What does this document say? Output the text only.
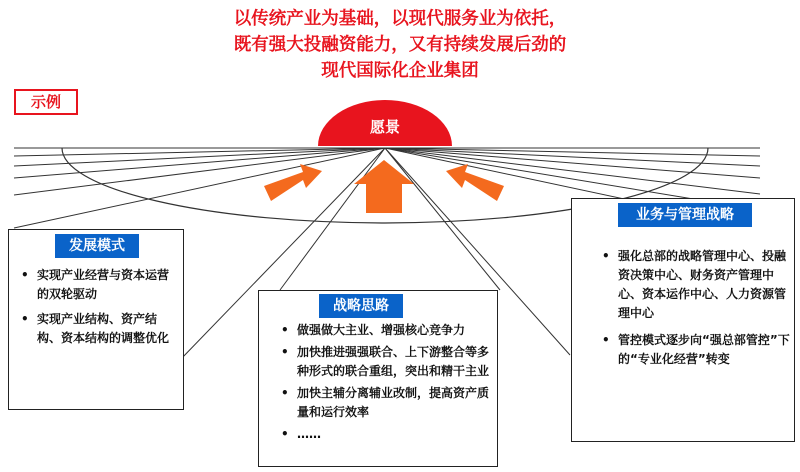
以传统产业为基础，以现代服务业为依托，
既有强大投融资能力，又有持续发展后劲的
现代国际化企业集团
示例
愿景
发展模式
• 实现产业经营与资本运营的双轮驱动
• 实现产业结构、资产结构、资本结构的调整优化
战略思路
• 做强做大主业、增强核心竞争力
• 加快推进强强联合、上下游整合等多种形式的联合重组，突出和精干主业
• 加快主辅分离辅业改制，提高资产质量和运行效率
• ……
业务与管理战略
• 强化总部的战略管理中心、投融资决策中心、财务资产管理中心、资本运作中心、人力资源管理中心
• 管控模式逐步向“强总部管控”下的“专业化经营”转变
